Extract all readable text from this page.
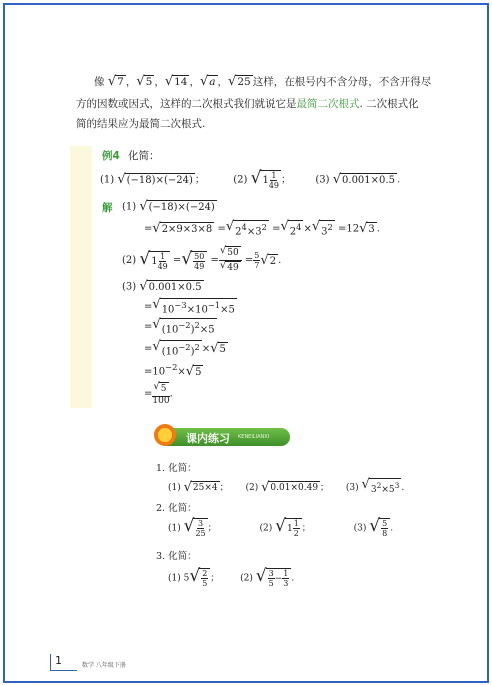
像 √ 7 ， √ 5 ， √ 14 ， √ a ， √ 25 这样，在根号内不含分母，不含开得尽
方的因数或因式，这样的二次根式我们就说它是最简二次根式. 二次根式化
简的结果应为最简二次根式.
例4 化简：
(1) √ (−18)×(−24) ；	(2) √ $1 \frac{1}{49}$ ；  (3) √ 0.001×0.5 .
解 (1) √ (−18)×(−24)
= √ 2×9×3×8 = √ $2^4\times 3^2$ = √ $2^4$ × √ $3^2 =12$ √ 3 .
(2) √ $1 \frac{1}{49}$ = √ $\frac{50}{49} = \frac{√ 50}{√ 49} = \frac{5}{7}$ √ 2 .
(3) √ 0.001×0.5
= √ $10^{-3}\times 10^{-1}\times 5$
= √ $(10^{-2})^2\times 5$
= √ $(10^{-2})^2$ × √ 5
$=10^{-2}\times$ √ 5
= $\frac{√ 5}{100}$ .
课内练习 KENEILIANXI
1. 化简：
(1) √ 25×4 ； (2) √ 0.01×0.49 ； (3) √ $3^2\times 5^3$ .
2. 化简：
(1) √ $\frac{3}{25}$ ；	(2) √ $1 \frac{1}{2}$ ；	(3) √ $\frac{5}{8}$ .
3. 化简：
(1) 5 √ $\frac{2}{5}$ ； (2) √ $\frac{3}{5} - \frac{1}{3}$ .
1	数学 八年级下册
